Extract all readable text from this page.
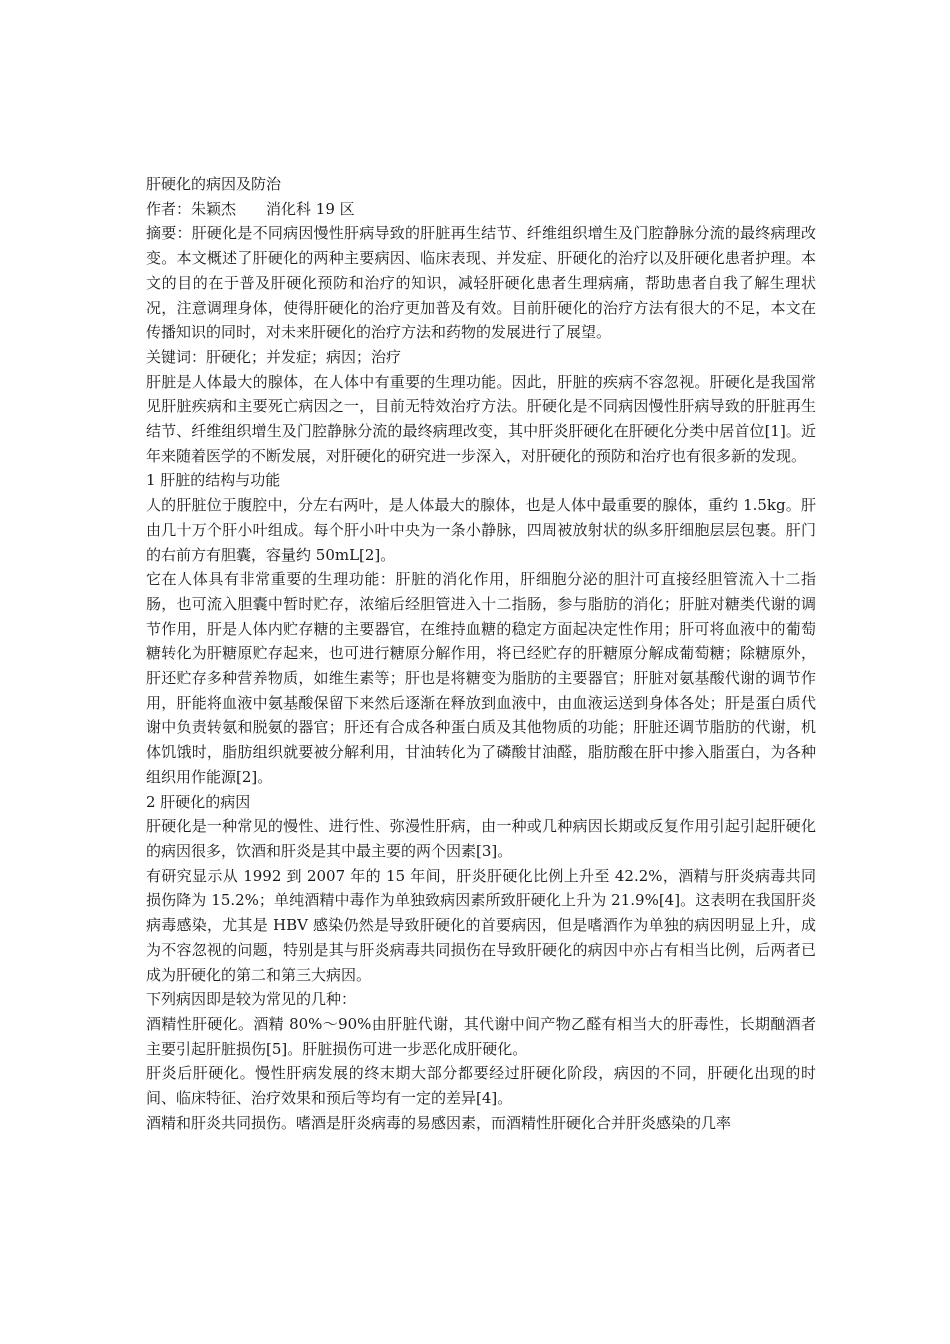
肝硬化的病因及防治

作者：朱颖杰 消化科 19 区

摘要：肝硬化是不同病因慢性肝病导致的肝脏再生结节、纤维组织增生及门腔静脉分流的最终病理改变。本文概述了肝硬化的两种主要病因、临床表现、并发症、肝硬化的治疗以及肝硬化患者护理。本文的目的在于普及肝硬化预防和治疗的知识，减轻肝硬化患者生理病痛，帮助患者自我了解生理状况，注意调理身体，使得肝硬化的治疗更加普及有效。目前肝硬化的治疗方法有很大的不足，本文在传播知识的同时，对未来肝硬化的治疗方法和药物的发展进行了展望。

关键词：肝硬化；并发症；病因；治疗

肝脏是人体最大的腺体，在人体中有重要的生理功能。因此，肝脏的疾病不容忽视。肝硬化是我国常见肝脏疾病和主要死亡病因之一，目前无特效治疗方法。肝硬化是不同病因慢性肝病导致的肝脏再生结节、纤维组织增生及门腔静脉分流的最终病理改变，其中肝炎肝硬化在肝硬化分类中居首位[1]。近年来随着医学的不断发展，对肝硬化的研究进一步深入，对肝硬化的预防和治疗也有很多新的发现。

1 肝脏的结构与功能

人的肝脏位于腹腔中，分左右两叶，是人体最大的腺体，也是人体中最重要的腺体，重约 1.5kg。肝由几十万个肝小叶组成。每个肝小叶中央为一条小静脉，四周被放射状的纵多肝细胞层层包裹。肝门的右前方有胆囊，容量约 50mL[2]。

它在人体具有非常重要的生理功能：肝脏的消化作用，肝细胞分泌的胆汁可直接经胆管流入十二指肠，也可流入胆囊中暂时贮存，浓缩后经胆管进入十二指肠，参与脂肪的消化；肝脏对糖类代谢的调节作用，肝是人体内贮存糖的主要器官，在维持血糖的稳定方面起决定性作用；肝可将血液中的葡萄糖转化为肝糖原贮存起来，也可进行糖原分解作用，将已经贮存的肝糖原分解成葡萄糖；除糖原外，肝还贮存多种营养物质，如维生素等；肝也是将糖变为脂肪的主要器官；肝脏对氨基酸代谢的调节作用，肝能将血液中氨基酸保留下来然后逐渐在释放到血液中，由血液运送到身体各处；肝是蛋白质代谢中负责转氨和脱氨的器官；肝还有合成各种蛋白质及其他物质的功能；肝脏还调节脂肪的代谢，机体饥饿时，脂肪组织就要被分解利用，甘油转化为了磷酸甘油醛，脂肪酸在肝中掺入脂蛋白，为各种组织用作能源[2]。

2 肝硬化的病因

肝硬化是一种常见的慢性、进行性、弥漫性肝病，由一种或几种病因长期或反复作用引起引起肝硬化的病因很多，饮酒和肝炎是其中最主要的两个因素[3]。

有研究显示从 1992 到 2007 年的 15 年间，肝炎肝硬化比例上升至 42.2%，酒精与肝炎病毒共同损伤降为 15.2%；单纯酒精中毒作为单独致病因素所致肝硬化上升为 21.9%[4]。这表明在我国肝炎病毒感染，尤其是 HBV 感染仍然是导致肝硬化的首要病因，但是嗜酒作为单独的病因明显上升，成为不容忽视的问题，特别是其与肝炎病毒共同损伤在导致肝硬化的病因中亦占有相当比例，后两者已成为肝硬化的第二和第三大病因。

下列病因即是较为常见的几种：

酒精性肝硬化。酒精 80%～90%由肝脏代谢，其代谢中间产物乙醛有相当大的肝毒性，长期酗酒者主要引起肝脏损伤[5]。肝脏损伤可进一步恶化成肝硬化。

肝炎后肝硬化。慢性肝病发展的终末期大部分都要经过肝硬化阶段，病因的不同，肝硬化出现的时间、临床特征、治疗效果和预后等均有一定的差异[4]。

酒精和肝炎共同损伤。嗜酒是肝炎病毒的易感因素，而酒精性肝硬化合并肝炎感染的几率
